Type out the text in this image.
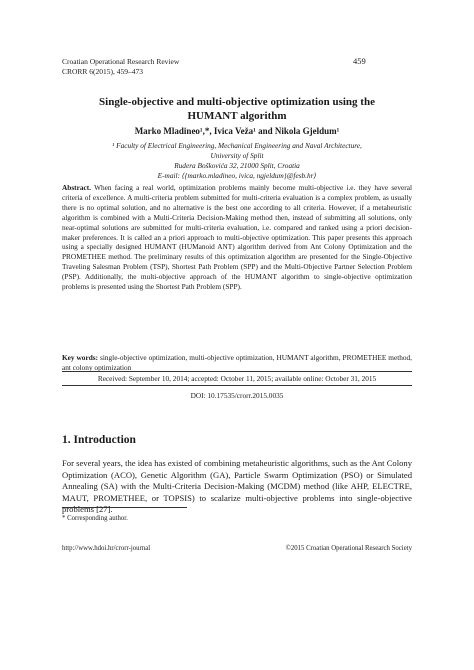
Croatian Operational Research Review
CRORR 6(2015), 459–473
459
Single-objective and multi-objective optimization using the
HUMANT algorithm
Marko Mladineo¹,*, Ivica Veža¹ and Nikola Gjeldum¹
¹ Faculty of Electrical Engineering, Mechanical Engineering and Naval Architecture,
University of Split
Rudera Boškovića 32, 21000 Split, Croatia
E-mail: ⟨{marko.mladineo, ivica, ngjeldum}@fesb.hr⟩
Abstract. When facing a real world, optimization problems mainly become multi-objective i.e. they have several criteria of excellence. A multi-criteria problem submitted for multi-criteria evaluation is a complex problem, as usually there is no optimal solution, and no alternative is the best one according to all criteria. However, if a metaheuristic algorithm is combined with a Multi-Criteria Decision-Making method then, instead of submitting all solutions, only near-optimal solutions are submitted for multi-criteria evaluation, i.e. compared and ranked using a priori decision-maker preferences. It is called an a priori approach to multi-objective optimization. This paper presents this approach using a specially designed HUMANT (HUManoid ANT) algorithm derived from Ant Colony Optimization and the PROMETHEE method. The preliminary results of this optimization algorithm are presented for the Single-Objective Traveling Salesman Problem (TSP), Shortest Path Problem (SPP) and the Multi-Objective Partner Selection Problem (PSP). Additionally, the multi-objective approach of the HUMANT algorithm to single-objective optimization problems is presented using the Shortest Path Problem (SPP).
Key words: single-objective optimization, multi-objective optimization, HUMANT algorithm, PROMETHEE method, ant colony optimization
Received: September 10, 2014; accepted: October 11, 2015; available online: October 31, 2015
DOI: 10.17535/crorr.2015.0035
1. Introduction
For several years, the idea has existed of combining metaheuristic algorithms, such as the Ant Colony Optimization (ACO), Genetic Algorithm (GA), Particle Swarm Optimization (PSO) or Simulated Annealing (SA) with the Multi-Criteria Decision-Making (MCDM) method (like AHP, ELECTRE, MAUT, PROMETHEE, or TOPSIS) to scalarize multi-objective problems into single-objective problems [27].
* Corresponding author.
http://www.hdoi.hr/crorr-journal	©2015 Croatian Operational Research Society
